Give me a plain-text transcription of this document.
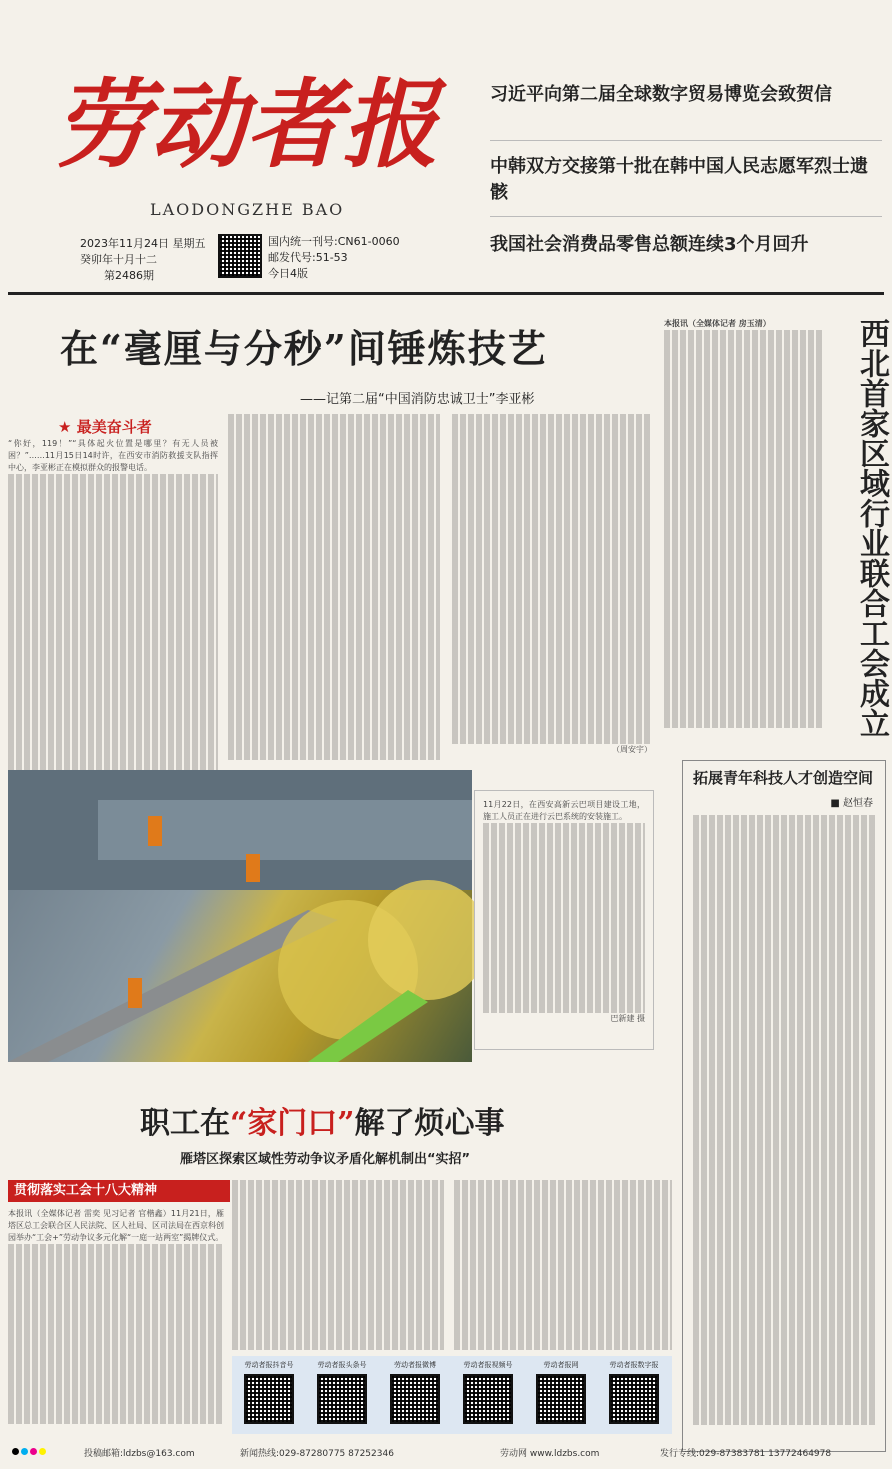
劳动者报
LAODONGZHE BAO
2023年11月24日 星期五
癸卯年十月十二
第2486期
国内统一刊号:CN61-0060
邮发代号:51-53
今日4版
习近平向第二届全球数字贸易博览会致贺信
中韩双方交接第十批在韩中国人民志愿军烈士遗骸
我国社会消费品零售总额连续3个月回升
在“毫厘与分秒”间锤炼技艺
——记第二届“中国消防忠诚卫士”李亚彬
★ 最美奋斗者
“你好，119！”“具体起火位置是哪里？有无人员被困？”……11月15日14时许，在西安市消防救援支队指挥中心，李亚彬正在模拟群众的报警电话。
（周安宇）
本报讯（全媒体记者 房玉清）	西北首家区域行业联合工会成立
11月22日，在西安高新云巴项目建设工地，施工人员正在进行云巴系统的安装施工。
巴新建 摄
职工在“家门口”解了烦心事
雁塔区探索区域性劳动争议矛盾化解机制出“实招”
贯彻落实工会十八大精神
本报讯（全媒体记者 雷奕 见习记者 官楷鑫）11月21日，雁塔区总工会联合区人民法院、区人社局、区司法局在西京科创园举办“工会+”劳动争议多元化解“一庭一站两室”揭牌仪式。
劳动者报抖音号	劳动者报头条号	劳动者报微博	劳动者报视频号	劳动者报网	劳动者报数字报
拓展青年科技人才创造空间
■ 赵恒春
投稿邮箱:ldzbs@163.com	新闻热线:029-87280775 87252346	劳动网 www.ldzbs.com	发行专线:029-87383781 13772464978
